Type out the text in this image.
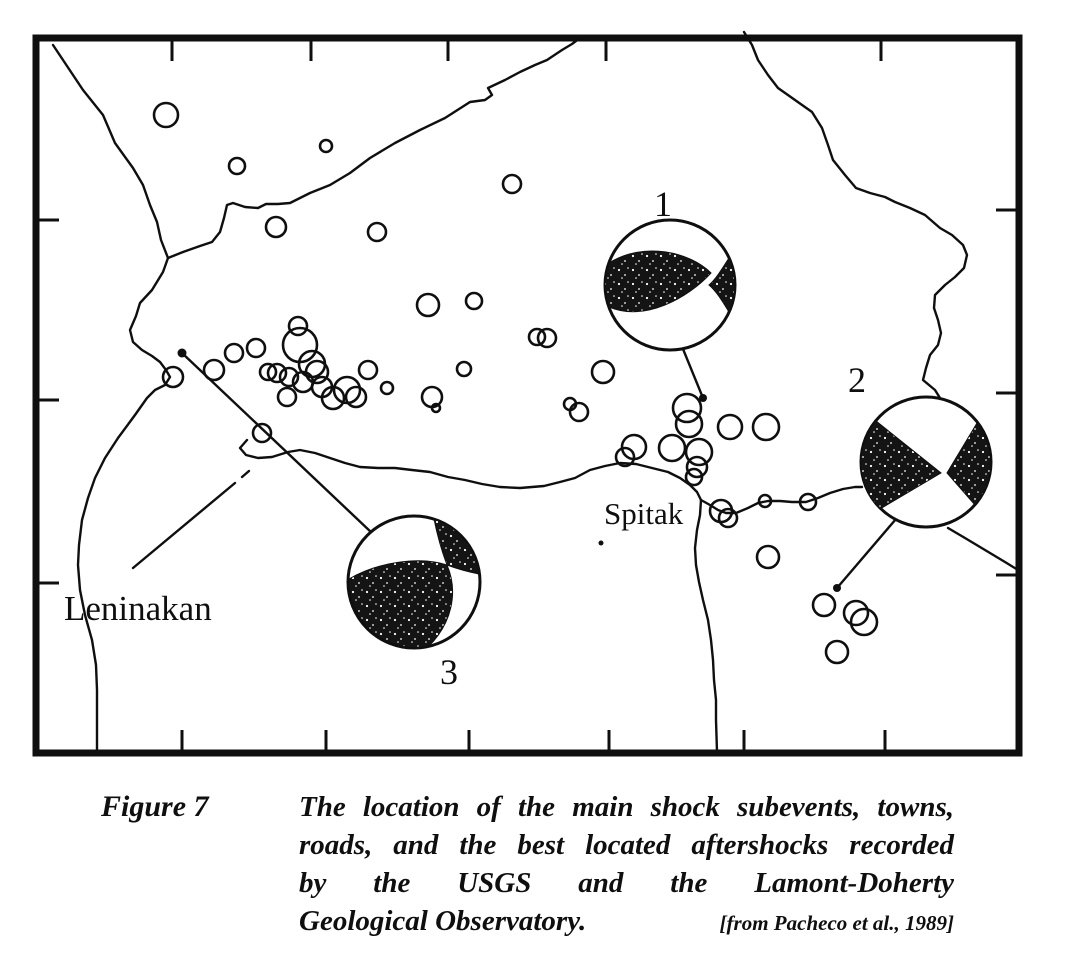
1
2
3
Spitak
Leninakan
Figure 7	The location of the main shock subevents, towns,
roads, and the best located aftershocks recorded
by the USGS and the Lamont-Doherty
Geological Observatory.	[from Pacheco et al., 1989]
